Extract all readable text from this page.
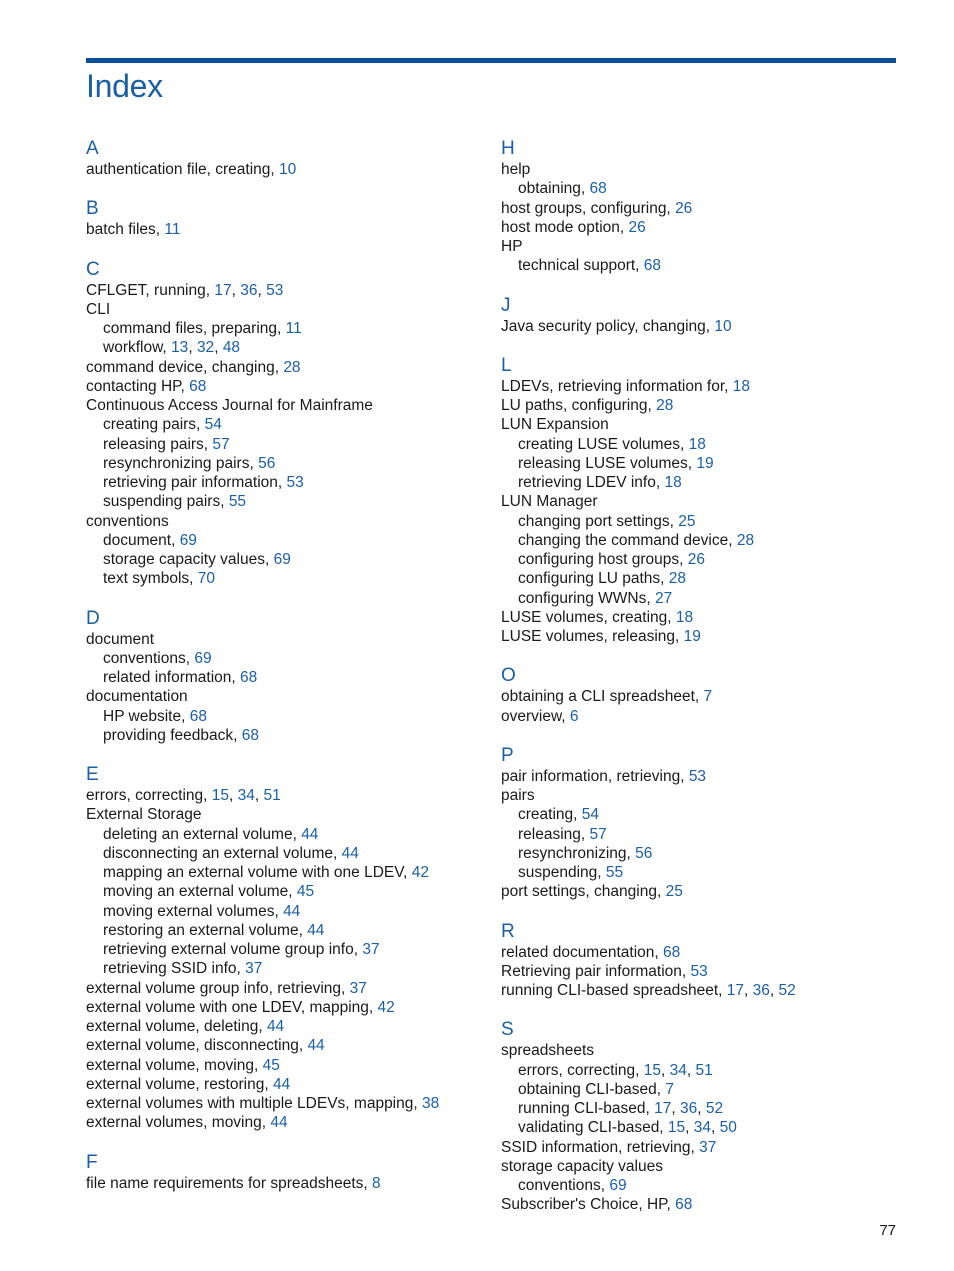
Index
A
authentication file, creating, 10
B
batch files, 11
C
CFLGET, running, 17, 36, 53
CLI
command files, preparing, 11
workflow, 13, 32, 48
command device, changing, 28
contacting HP, 68
Continuous Access Journal for Mainframe
creating pairs, 54
releasing pairs, 57
resynchronizing pairs, 56
retrieving pair information, 53
suspending pairs, 55
conventions
document, 69
storage capacity values, 69
text symbols, 70
D
document
conventions, 69
related information, 68
documentation
HP website, 68
providing feedback, 68
E
errors, correcting, 15, 34, 51
External Storage
deleting an external volume, 44
disconnecting an external volume, 44
mapping an external volume with one LDEV, 42
moving an external volume, 45
moving external volumes, 44
restoring an external volume, 44
retrieving external volume group info, 37
retrieving SSID info, 37
external volume group info, retrieving, 37
external volume with one LDEV, mapping, 42
external volume, deleting, 44
external volume, disconnecting, 44
external volume, moving, 45
external volume, restoring, 44
external volumes with multiple LDEVs, mapping, 38
external volumes, moving, 44
F
file name requirements for spreadsheets, 8
H
help
obtaining, 68
host groups, configuring, 26
host mode option, 26
HP
technical support, 68
J
Java security policy, changing, 10
L
LDEVs, retrieving information for, 18
LU paths, configuring, 28
LUN Expansion
creating LUSE volumes, 18
releasing LUSE volumes, 19
retrieving LDEV info, 18
LUN Manager
changing port settings, 25
changing the command device, 28
configuring host groups, 26
configuring LU paths, 28
configuring WWNs, 27
LUSE volumes, creating, 18
LUSE volumes, releasing, 19
O
obtaining a CLI spreadsheet, 7
overview, 6
P
pair information, retrieving, 53
pairs
creating, 54
releasing, 57
resynchronizing, 56
suspending, 55
port settings, changing, 25
R
related documentation, 68
Retrieving pair information, 53
running CLI-based spreadsheet, 17, 36, 52
S
spreadsheets
errors, correcting, 15, 34, 51
obtaining CLI-based, 7
running CLI-based, 17, 36, 52
validating CLI-based, 15, 34, 50
SSID information, retrieving, 37
storage capacity values
conventions, 69
Subscriber's Choice, HP, 68
77
